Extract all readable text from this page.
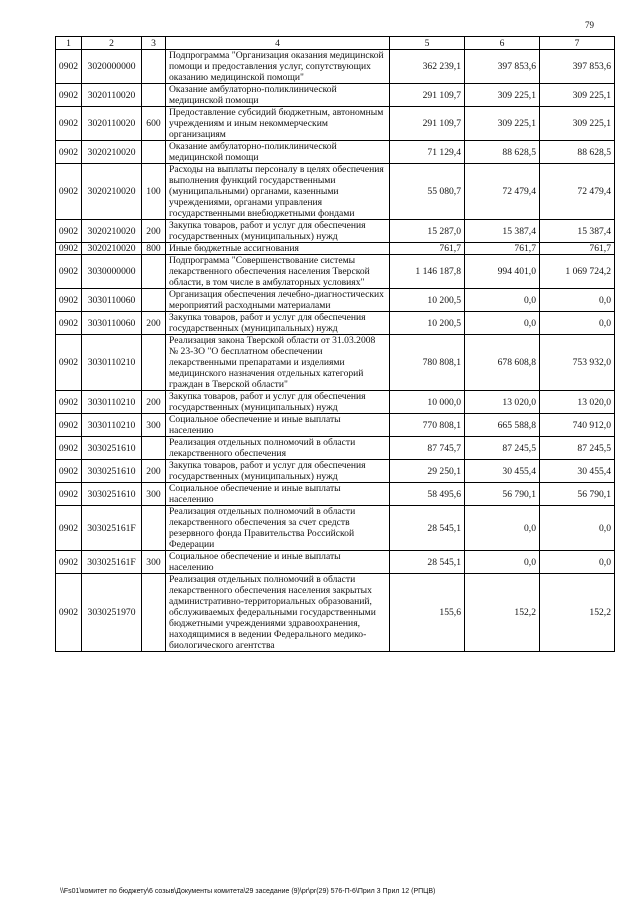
79
1	2	3	4	5	6	7
0902	3020000000		Подпрограмма "Организация оказания медицинской помощи и предоставления услуг, сопутствующих оказанию медицинской помощи"	362 239,1	397 853,6	397 853,6
0902	3020110020		Оказание амбулаторно-поликлинической медицинской помощи	291 109,7	309 225,1	309 225,1
0902	3020110020	600	Предоставление субсидий бюджетным, автономным учреждениям и иным некоммерческим организациям	291 109,7	309 225,1	309 225,1
0902	3020210020		Оказание амбулаторно-поликлинической медицинской помощи	71 129,4	88 628,5	88 628,5
0902	3020210020	100	Расходы на выплаты персоналу в целях обеспечения выполнения функций государственными (муниципальными) органами, казенными учреждениями, органами управления государственными внебюджетными фондами	55 080,7	72 479,4	72 479,4
0902	3020210020	200	Закупка товаров, работ и услуг для обеспечения государственных (муниципальных) нужд	15 287,0	15 387,4	15 387,4
0902	3020210020	800	Иные бюджетные ассигнования	761,7	761,7	761,7
0902	3030000000		Подпрограмма "Совершенствование системы лекарственного обеспечения населения Тверской области, в том числе в амбулаторных условиях"	1 146 187,8	994 401,0	1 069 724,2
0902	3030110060		Организация обеспечения лечебно-диагностических мероприятий расходными материалами	10 200,5	0,0	0,0
0902	3030110060	200	Закупка товаров, работ и услуг для обеспечения государственных (муниципальных) нужд	10 200,5	0,0	0,0
0902	3030110210		Реализация закона Тверской области от 31.03.2008 № 23-ЗО "О бесплатном обеспечении лекарственными препаратами и изделиями медицинского назначения отдельных категорий граждан в Тверской области"	780 808,1	678 608,8	753 932,0
0902	3030110210	200	Закупка товаров, работ и услуг для обеспечения государственных (муниципальных) нужд	10 000,0	13 020,0	13 020,0
0902	3030110210	300	Социальное обеспечение и иные выплаты населению	770 808,1	665 588,8	740 912,0
0902	3030251610		Реализация отдельных полномочий в области лекарственного обеспечения	87 745,7	87 245,5	87 245,5
0902	3030251610	200	Закупка товаров, работ и услуг для обеспечения государственных (муниципальных) нужд	29 250,1	30 455,4	30 455,4
0902	3030251610	300	Социальное обеспечение и иные выплаты населению	58 495,6	56 790,1	56 790,1
0902	303025161F		Реализация отдельных полномочий в области лекарственного обеспечения за счет средств резервного фонда Правительства Российской Федерации	28 545,1	0,0	0,0
0902	303025161F	300	Социальное обеспечение и иные выплаты населению	28 545,1	0,0	0,0
0902	3030251970		Реализация отдельных полномочий в области лекарственного обеспечения населения закрытых административно-территориальных образований, обслуживаемых федеральными государственными бюджетными учреждениями здравоохранения, находящимися в ведении Федерального медико-биологического агентства	155,6	152,2	152,2
\\Fs01\комитет по бюджету\6 созыв\Документы комитета\29 заседание (9)\pr\pr(29) 576-П-6\Прил 3 Прил 12 (РПЦВ)
